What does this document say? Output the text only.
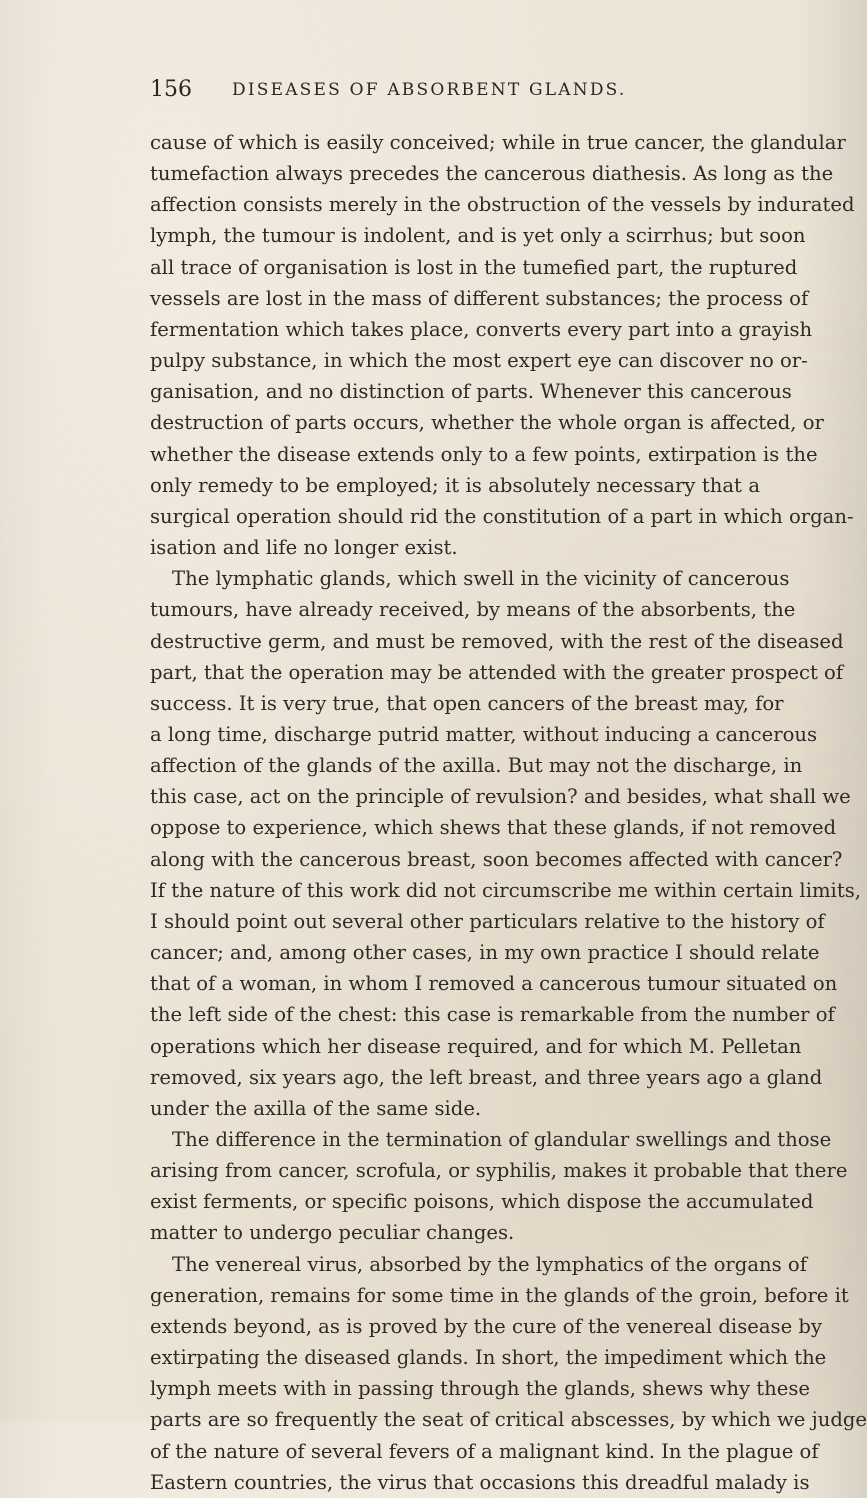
156 DISEASES OF ABSORBENT GLANDS.

cause of which is easily conceived; while in true cancer, the glandular
tumefaction always precedes the cancerous diathesis. As long as the
affection consists merely in the obstruction of the vessels by indurated
lymph, the tumour is indolent, and is yet only a scirrhus; but soon
all trace of organisation is lost in the tumefied part, the ruptured
vessels are lost in the mass of different substances; the process of
fermentation which takes place, converts every part into a grayish
pulpy substance, in which the most expert eye can discover no or-
ganisation, and no distinction of parts. Whenever this cancerous
destruction of parts occurs, whether the whole organ is affected, or
whether the disease extends only to a few points, extirpation is the
only remedy to be employed; it is absolutely necessary that a
surgical operation should rid the constitution of a part in which organ-
isation and life no longer exist.

The lymphatic glands, which swell in the vicinity of cancerous
tumours, have already received, by means of the absorbents, the
destructive germ, and must be removed, with the rest of the diseased
part, that the operation may be attended with the greater prospect of
success. It is very true, that open cancers of the breast may, for
a long time, discharge putrid matter, without inducing a cancerous
affection of the glands of the axilla. But may not the discharge, in
this case, act on the principle of revulsion? and besides, what shall we
oppose to experience, which shews that these glands, if not removed
along with the cancerous breast, soon becomes affected with cancer?
If the nature of this work did not circumscribe me within certain limits,
I should point out several other particulars relative to the history of
cancer; and, among other cases, in my own practice I should relate
that of a woman, in whom I removed a cancerous tumour situated on
the left side of the chest: this case is remarkable from the number of
operations which her disease required, and for which M. Pelletan
removed, six years ago, the left breast, and three years ago a gland
under the axilla of the same side.

The difference in the termination of glandular swellings and those
arising from cancer, scrofula, or syphilis, makes it probable that there
exist ferments, or specific poisons, which dispose the accumulated
matter to undergo peculiar changes.

The venereal virus, absorbed by the lymphatics of the organs of
generation, remains for some time in the glands of the groin, before it
extends beyond, as is proved by the cure of the venereal disease by
extirpating the diseased glands. In short, the impediment which the
lymph meets with in passing through the glands, shews why these
parts are so frequently the seat of critical abscesses, by which we judge
of the nature of several fevers of a malignant kind. In the plague of
Eastern countries, the virus that occasions this dreadful malady is
